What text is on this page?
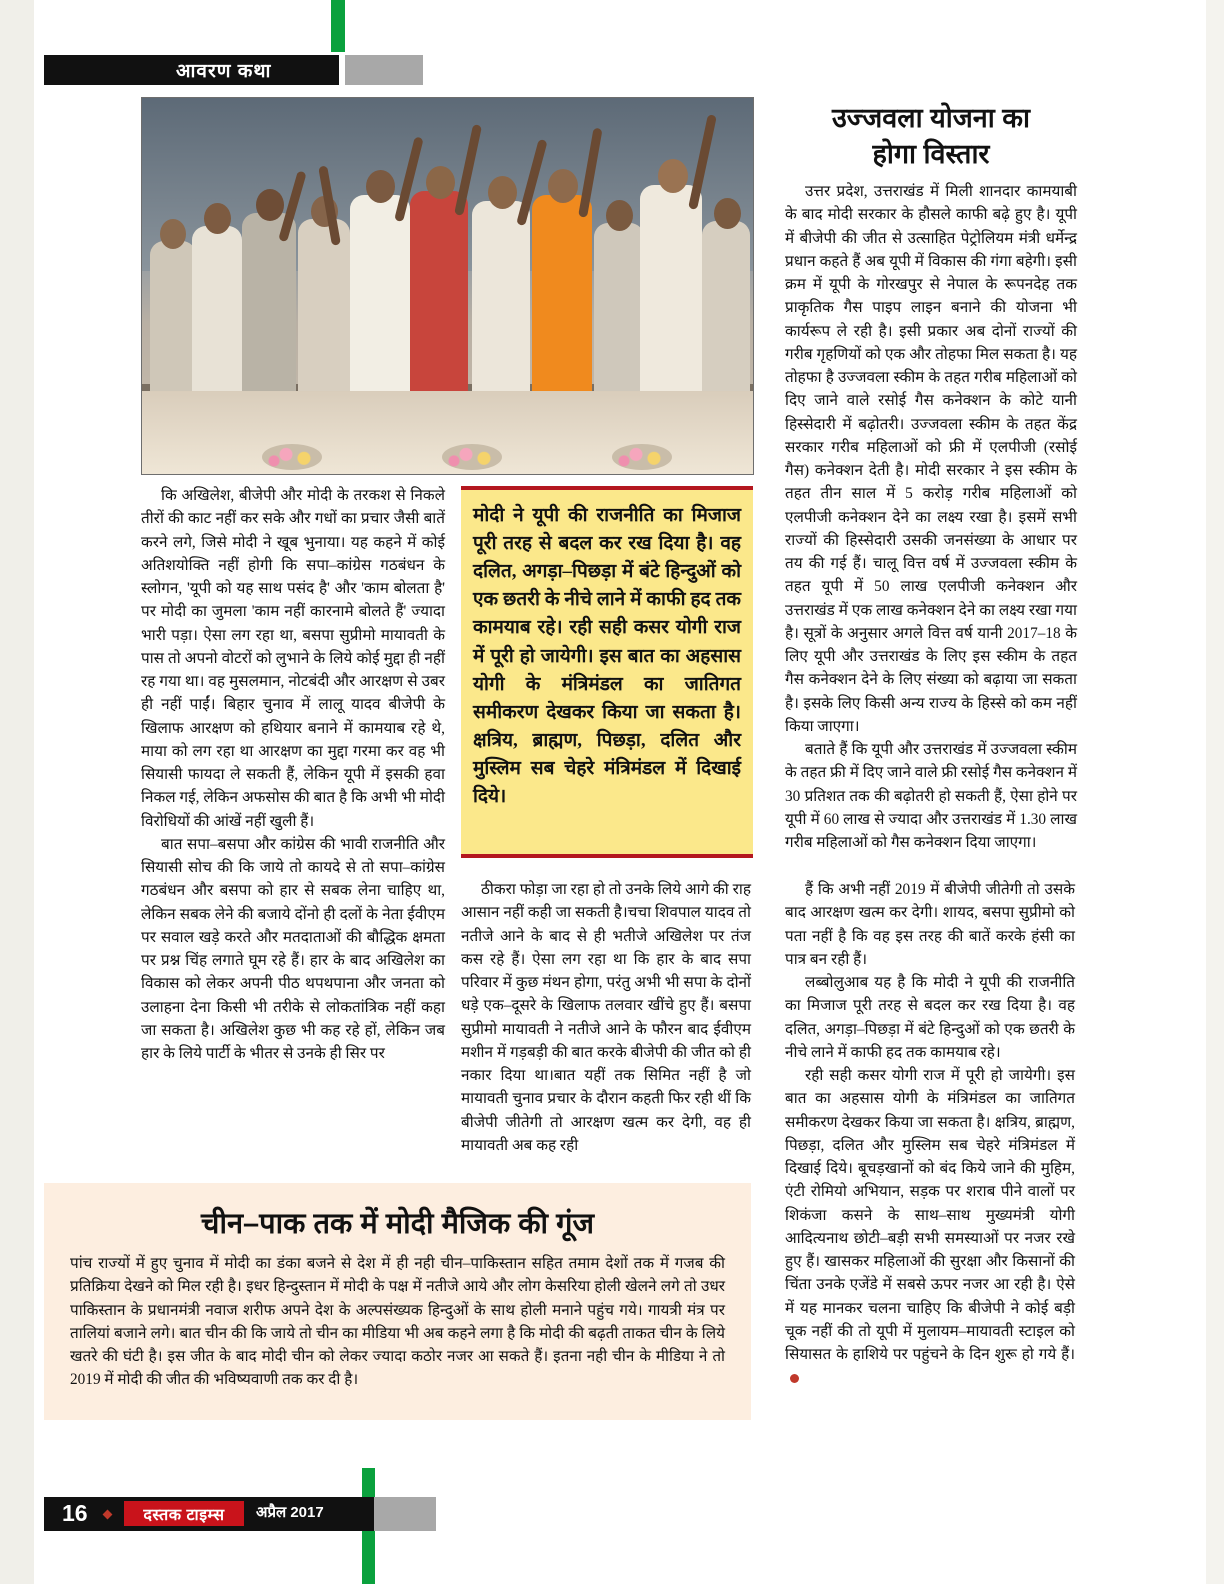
आवरण कथा

कि अखिलेश, बीजेपी और मोदी के तरकश से निकले तीरों की काट नहीं कर सके और गधों का प्रचार जैसी बातें करने लगे, जिसे मोदी ने खूब भुनाया। यह कहने में कोई अतिशयोक्ति नहीं होगी कि सपा–कांग्रेस गठबंधन के स्लोगन, 'यूपी को यह साथ पसंद है' और 'काम बोलता है' पर मोदी का जुमला 'काम नहीं कारनामे बोलते हैं' ज्यादा भारी पड़ा। ऐसा लग रहा था, बसपा सुप्रीमो मायावती के पास तो अपनो वोटरों को लुभाने के लिये कोई मुद्दा ही नहीं रह गया था। वह मुसलमान, नोटबंदी और आरक्षण से उबर ही नहीं पाईं। बिहार चुनाव में लालू यादव बीजेपी के खिलाफ आरक्षण को हथियार बनाने में कामयाब रहे थे, माया को लग रहा था आरक्षण का मुद्दा गरमा कर वह भी सियासी फायदा ले सकती हैं, लेकिन यूपी में इसकी हवा निकल गई, लेकिन अफसोस की बात है कि अभी भी मोदी विरोधियों की आंखें नहीं खुली हैं।

बात सपा–बसपा और कांग्रेस की भावी राजनीति और सियासी सोच की कि जाये तो कायदे से तो सपा–कांग्रेस गठबंधन और बसपा को हार से सबक लेना चाहिए था, लेकिन सबक लेने की बजाये दोंनो ही दलों के नेता ईवीएम पर सवाल खड़े करते और मतदाताओं की बौद्धिक क्षमता पर प्रश्न चिंह लगाते घूम रहे हैं। हार के बाद अखिलेश का विकास को लेकर अपनी पीठ थपथपाना और जनता को उलाहना देना किसी भी तरीके से लोकतांत्रिक नहीं कहा जा सकता है। अखिलेश कुछ भी कह रहे हों, लेकिन जब हार के लिये पार्टी के भीतर से उनके ही सिर पर

मोदी ने यूपी की राजनीति का मिजाज पूरी तरह से बदल कर रख दिया है। वह दलित, अगड़ा–पिछड़ा में बंटे हिन्दुओं को एक छतरी के नीचे लाने में काफी हद तक कामयाब रहे। रही सही कसर योगी राज में पूरी हो जायेगी। इस बात का अहसास योगी के मंत्रिमंडल का जातिगत समीकरण देखकर किया जा सकता है। क्षत्रिय, ब्राह्मण, पिछड़ा, दलित और मुस्लिम सब चेहरे मंत्रिमंडल में दिखाई दिये।

ठीकरा फोड़ा जा रहा हो तो उनके लिये आगे की राह आसान नहीं कही जा सकती है।चचा शिवपाल यादव तो नतीजे आने के बाद से ही भतीजे अखिलेश पर तंज कस रहे हैं। ऐसा लग रहा था कि हार के बाद सपा परिवार में कुछ मंथन होगा, परंतु अभी भी सपा के दोनों धड़े एक–दूसरे के खिलाफ तलवार खींचे हुए हैं। बसपा सुप्रीमो मायावती ने नतीजे आने के फौरन बाद ईवीएम मशीन में गड़बड़ी की बात करके बीजेपी की जीत को ही नकार दिया था।बात यहीं तक सिमित नहीं है जो मायावती चुनाव प्रचार के दौरान कहती फिर रही थीं कि बीजेपी जीतेगी तो आरक्षण खत्म कर देगी, वह ही मायावती अब कह रही

उज्जवला योजना का
होगा विस्तार

उत्तर प्रदेश, उत्तराखंड में मिली शानदार कामयाबी के बाद मोदी सरकार के हौसले काफी बढ़े हुए है। यूपी में बीजेपी की जीत से उत्साहित पेट्रोलियम मंत्री धर्मेन्द्र प्रधान कहते हैं अब यूपी में विकास की गंगा बहेगी। इसी क्रम में यूपी के गोरखपुर से नेपाल के रूपनदेह तक प्राकृतिक गैस पाइप लाइन बनाने की योजना भी कार्यरूप ले रही है। इसी प्रकार अब दोनों राज्यों की गरीब गृहणियों को एक और तोहफा मिल सकता है। यह तोहफा है उज्जवला स्कीम के तहत गरीब महिलाओं को दिए जाने वाले रसोई गैस कनेक्शन के कोटे यानी हिस्सेदारी में बढ़ोतरी। उज्जवला स्कीम के तहत केंद्र सरकार गरीब महिलाओं को फ्री में एलपीजी (रसोई गैस) कनेक्शन देती है। मोदी सरकार ने इस स्कीम के तहत तीन साल में 5 करोड़ गरीब महिलाओं को एलपीजी कनेक्शन देने का लक्ष्य रखा है। इसमें सभी राज्यों की हिस्सेदारी उसकी जनसंख्या के आधार पर तय की गई हैं। चालू वित्त वर्ष में उज्जवला स्कीम के तहत यूपी में 50 लाख एलपीजी कनेक्शन और उत्तराखंड में एक लाख कनेक्शन देने का लक्ष्य रखा गया है। सूत्रों के अनुसार अगले वित्त वर्ष यानी 2017–18 के लिए यूपी और उत्तराखंड के लिए इस स्कीम के तहत गैस कनेक्शन देने के लिए संख्या को बढ़ाया जा सकता है। इसके लिए किसी अन्य राज्य के हिस्से को कम नहीं किया जाएगा।

बताते हैं कि यूपी और उत्तराखंड में उज्जवला स्कीम के तहत फ्री में दिए जाने वाले फ्री रसोई गैस कनेक्शन में 30 प्रतिशत तक की बढ़ोतरी हो सकती हैं, ऐसा होने पर यूपी में 60 लाख से ज्यादा और उत्तराखंड में 1.30 लाख गरीब महिलाओं को गैस कनेक्शन दिया जाएगा।

हैं कि अभी नहीं 2019 में बीजेपी जीतेगी तो उसके बाद आरक्षण खत्म कर देगी। शायद, बसपा सुप्रीमो को पता नहीं है कि वह इस तरह की बातें करके हंसी का पात्र बन रही हैं।

लब्बोलुआब यह है कि मोदी ने यूपी की राजनीति का मिजाज पूरी तरह से बदल कर रख दिया है। वह दलित, अगड़ा–पिछड़ा में बंटे हिन्दुओं को एक छतरी के नीचे लाने में काफी हद तक कामयाब रहे।

रही सही कसर योगी राज में पूरी हो जायेगी। इस बात का अहसास योगी के मंत्रिमंडल का जातिगत समीकरण देखकर किया जा सकता है। क्षत्रिय, ब्राह्मण, पिछड़ा, दलित और मुस्लिम सब चेहरे मंत्रिमंडल में दिखाई दिये। बूचड़खानों को बंद किये जाने की मुहिम, एंटी रोमियो अभियान, सड़क पर शराब पीने वालों पर शिकंजा कसने के साथ–साथ मुख्यमंत्री योगी आदित्यनाथ छोटी–बड़ी सभी समस्याओं पर नजर रखे हुए हैं। खासकर महिलाओं की सुरक्षा और किसानों की चिंता उनके एजेंडे में सबसे ऊपर नजर आ रही है। ऐसे में यह मानकर चलना चाहिए कि बीजेपी ने कोई बड़ी चूक नहीं की तो यूपी में मुलायम–मायावती स्टाइल को सियासत के हाशिये पर पहुंचने के दिन शुरू हो गये हैं।

चीन–पाक तक में मोदी मैजिक की गूंज
पांच राज्यों में हुए चुनाव में मोदी का डंका बजने से देश में ही नही चीन–पाकिस्तान सहित तमाम देशों तक में गजब की प्रतिक्रिया देखने को मिल रही है। इधर हिन्दुस्तान में मोदी के पक्ष में नतीजे आये और लोग केसरिया होली खेलने लगे तो उधर पाकिस्तान के प्रधानमंत्री नवाज शरीफ अपने देश के अल्पसंख्यक हिन्दुओं के साथ होली मनाने पहुंच गये। गायत्री मंत्र पर तालियां बजाने लगे। बात चीन की कि जाये तो चीन का मीडिया भी अब कहने लगा है कि मोदी की बढ़ती ताकत चीन के लिये खतरे की घंटी है। इस जीत के बाद मोदी चीन को लेकर ज्यादा कठोर नजर आ सकते हैं। इतना नही चीन के मीडिया ने तो 2019 में मोदी की जीत की भविष्यवाणी तक कर दी है।
16	दस्तक टाइम्स	अप्रैल 2017
